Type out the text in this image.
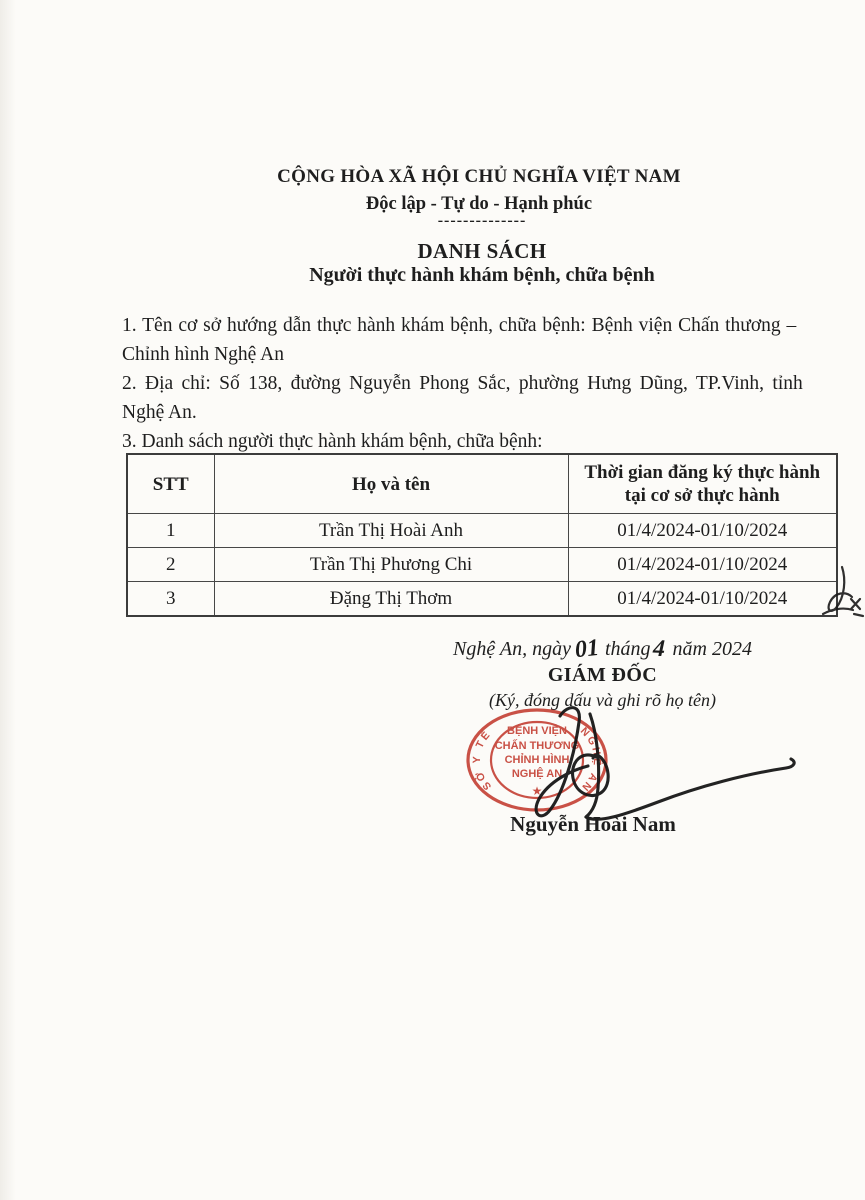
CỘNG HÒA XÃ HỘI CHỦ NGHĨA VIỆT NAM
Độc lập - Tự do - Hạnh phúc
--------------
DANH SÁCH
Người thực hành khám bệnh, chữa bệnh
1. Tên cơ sở hướng dẫn thực hành khám bệnh, chữa bệnh: Bệnh viện Chấn thương –
Chỉnh hình Nghệ An
2. Địa chỉ: Số 138, đường Nguyễn Phong Sắc, phường Hưng Dũng, TP.Vinh, tỉnh
Nghệ An.
3. Danh sách người thực hành khám bệnh, chữa bệnh:
STT	Họ và tên	Thời gian đăng ký thực hành
tại cơ sở thực hành

1	Trần Thị Hoài Anh	01/4/2024-01/10/2024
2	Trần Thị Phương Chi	01/4/2024-01/10/2024
3	Đặng Thị Thơm	01/4/2024-01/10/2024
Nghệ An, ngày 01 tháng4 năm 2024
GIÁM ĐỐC
(Ký, đóng dấu và ghi rõ họ tên)
SỞ Y TẾ	NGHỆ AN
BỆNH VIỆN
CHẤN THƯƠNG
CHỈNH HÌNH
NGHỆ AN
★
Nguyễn Hoài Nam
